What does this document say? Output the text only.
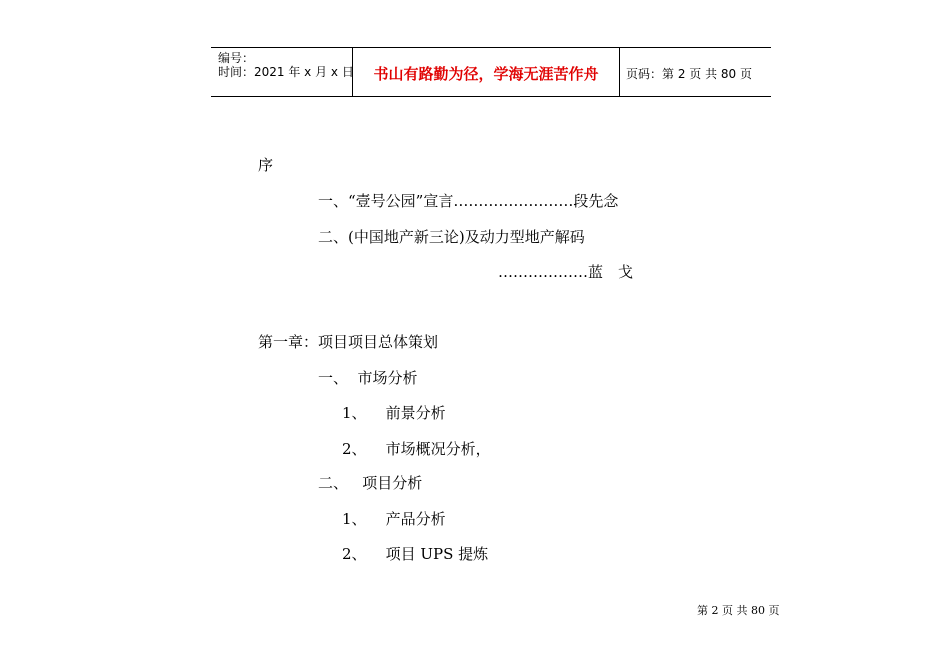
编号：
时间：2021 年 x 月 x 日	书山有路勤为径，学海无涯苦作舟	页码：第 2 页 共 80 页
序
一、“壹号公园”宣言……………………段先念
二、(中国地产新三论)及动力型地产解码
………………蓝　戈
第一章：项目项目总体策划
一、  市场分析
1、    前景分析
2、    市场概况分析，
二、   项目分析
1、    产品分析
2、    项目 UPS 提炼
第 2 页 共 80 页
